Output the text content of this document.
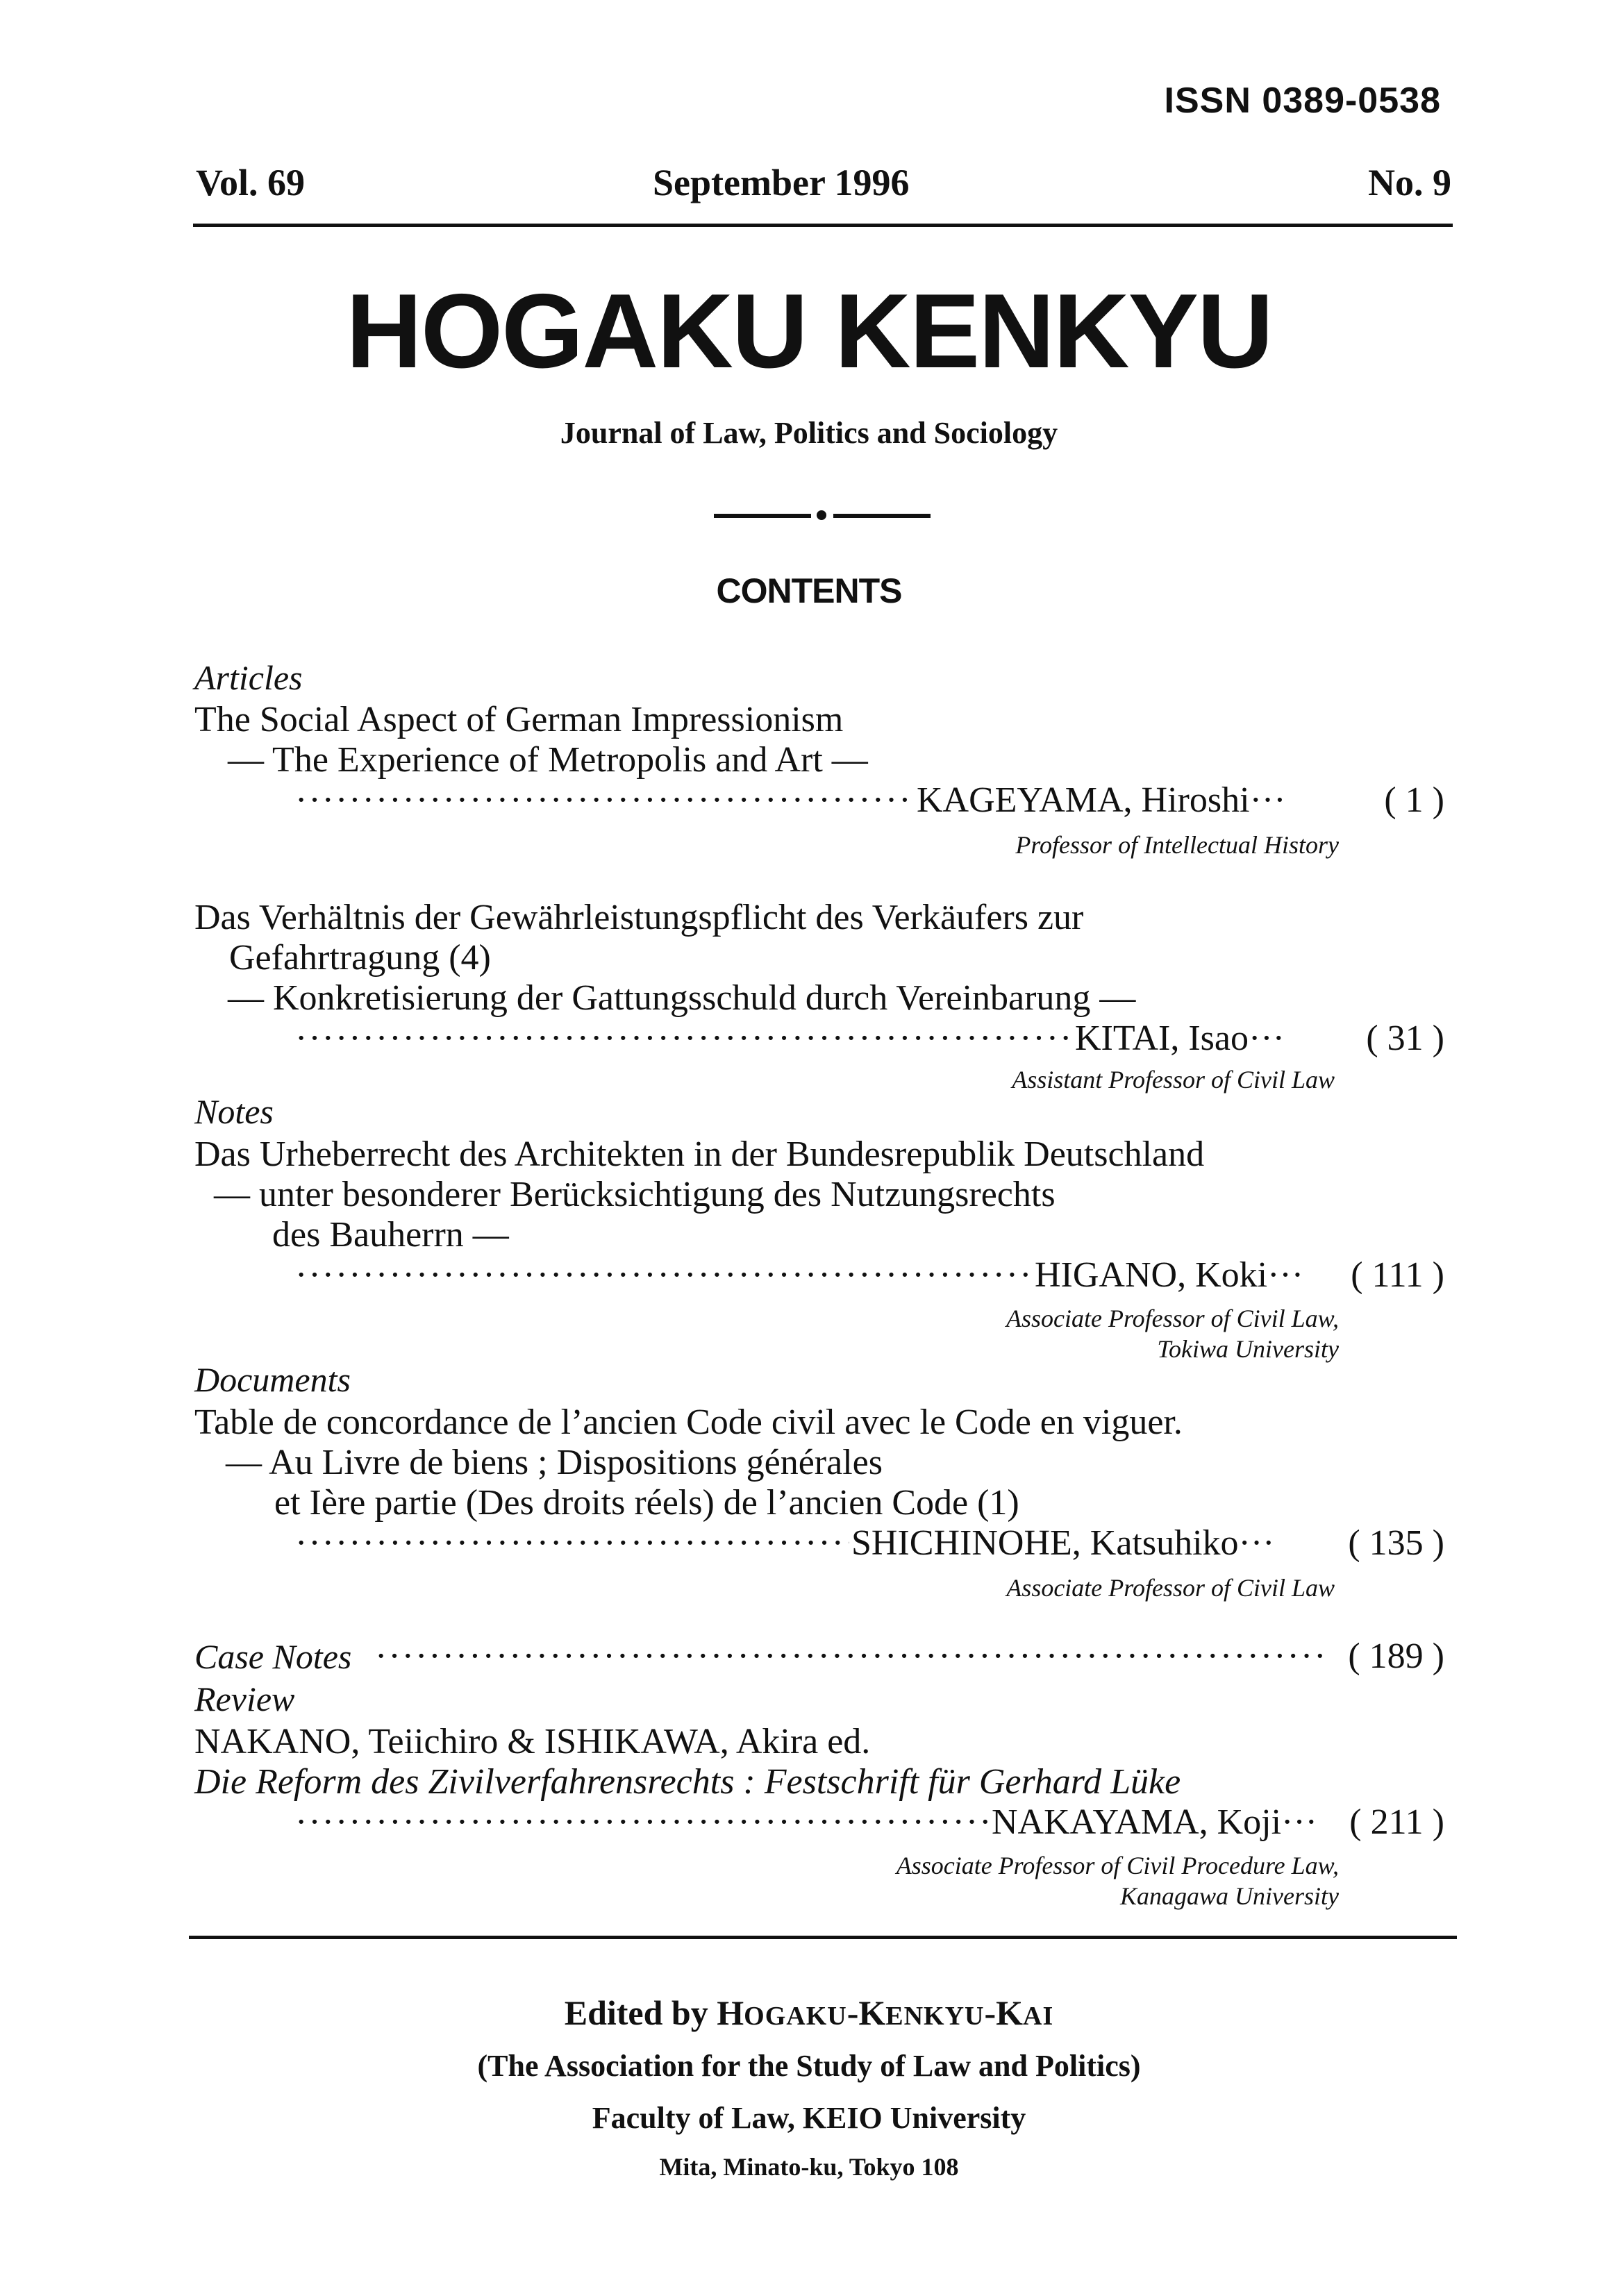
ISSN 0389-0538
Vol. 69	September 1996	No. 9
HOGAKU KENKYU
Journal of Law, Politics and Sociology
CONTENTS
Articles
The Social Aspect of German Impressionism
— The Experience of Metropolis and Art —
·····
KAGEYAMA, Hiroshi···	( 1 )
Professor of Intellectual History
Das Verhältnis der Gewährleistungspflicht des Verkäufers zur
Gefahrtragung (4)
— Konkretisierung der Gattungsschuld durch Vereinbarung —
·····
KITAI, Isao··· ( 31 )
Assistant Professor of Civil Law
Notes
Das Urheberrecht des Architekten in der Bundesrepublik Deutschland
— unter besonderer Berücksichtigung des Nutzungsrechts
des Bauherrn —
·····
HIGANO, Koki··· ( 111 )
Associate Professor of Civil Law,
Tokiwa University
Documents
Table de concordance de l’ancien Code civil avec le Code en viguer.
— Au Livre de biens ; Dispositions générales
et Ière partie (Des droits réels) de l’ancien Code (1)
·····
SHICHINOHE, Katsuhiko··· ( 135 )
Associate Professor of Civil Law
Case Notes
·····	( 189 )
Review
NAKANO, Teiichiro & ISHIKAWA, Akira ed.
Die Reform des Zivilverfahrensrechts : Festschrift für Gerhard Lüke
·····
NAKAYAMA, Koji··· ( 211 )
Associate Professor of Civil Procedure Law,
Kanagawa University
Edited by HOGAKU-KENKYU-KAI
(The Association for the Study of Law and Politics)
Faculty of Law, KEIO University
Mita, Minato-ku, Tokyo 108
